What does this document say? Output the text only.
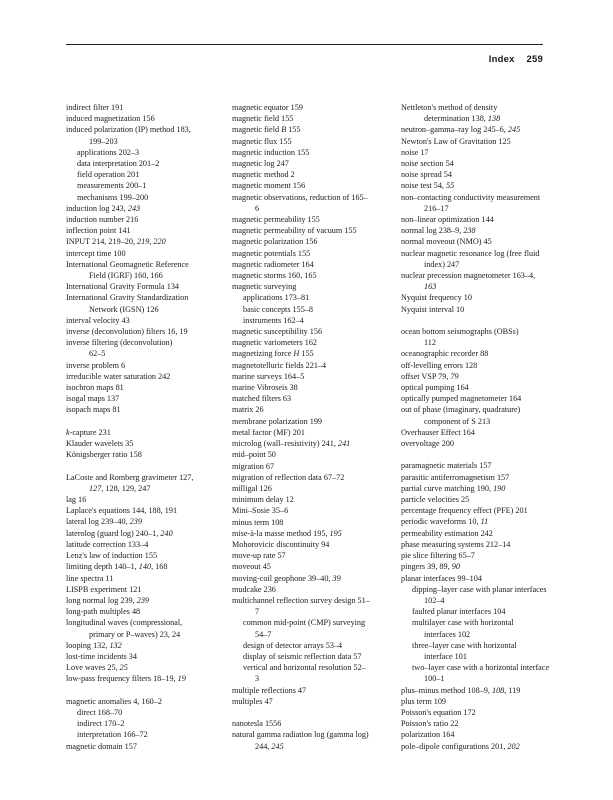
Index 259
indirect filter 191
induced magnetization 156
induced polarization (IP) method 183,
199–203
applications 202–3
data interpretation 201–2
field operation 201
measurements 200–1
mechanisms 199–200
induction log 243, 243
induction number 216
inflection point 141
INPUT 214, 219–20, 219, 220
intercept time 100
International Geomagnetic Reference
Field (IGRF) 160, 166
International Gravity Formula 134
International Gravity Standardization
Network (IGSN) 126
interval velocity 43
inverse (deconvolution) filters 16, 19
inverse filtering (deconvolution)
62–5
inverse problem 6
irreducible water saturation 242
isochron maps 81
isogal maps 137
isopach maps 81
k-capture 231
Klauder wavelets 35
Königsberger ratio 158
LaCoste and Romberg gravimeter 127,
127, 128, 129, 247
lag 16
Laplace's equations 144, 188, 191
lateral log 239–40, 239
laterolog (guard log) 240–1, 240
latitude correction 133–4
Lenz's law of induction 155
limiting depth 140–1, 140, 168
line spectra 11
LISPB experiment 121
long normal log 239, 239
long-path multiples 48
longitudinal waves (compressional,
primary or P–waves) 23, 24
looping 132, 132
lost-time incidents 34
Love waves 25, 25
low-pass frequency filters 18–19, 19
magnetic anomalies 4, 160–2
direct 168–70
indirect 170–2
interpretation 166–72
magnetic domain 157
magnetic equator 159
magnetic field 155
magnetic field B 155
magnetic flux 155
magnetic induction 155
magnetic log 247
magnetic method 2
magnetic moment 156
magnetic observations, reduction of 165–
6
magnetic permeability 155
magnetic permeability of vacuum 155
magnetic polarization 156
magnetic potentials 155
magnetic radiometer 164
magnetic storms 160, 165
magnetic surveying
applications 173–81
basic concepts 155–8
instruments 162–4
magnetic susceptibility 156
magnetic variometers 162
magnetizing force H 155
magnetotelluric fields 221–4
marine surveys 164–5
marine Vibroseis 38
matched filters 63
matrix 26
membrane polarization 199
metal factor (MF) 201
microlog (wall–resistivity) 241, 241
mid–point 50
migration 67
migration of reflection data 67–72
milligal 126
minimum delay 12
Mini–Sosie 35–6
minus term 108
mise-à-la masse method 195, 195
Mohorovicic discontinuity 94
move-up rate 57
moveout 45
moving-coil geophone 39–40, 39
mudcake 236
multichannel reflection survey design 51–
7
common mid-point (CMP) surveying
54–7
design of detector arrays 53–4
display of seismic reflection data 57
vertical and horizontal resolution 52–
3
multiple reflections 47
multiples 47
nanotesla 1556
natural gamma radiation log (gamma log)
244, 245
Nettleton's method of density
determination 138, 138
neutron–gamma–ray log 245–6, 245
Newton's Law of Gravitation 125
noise 17
noise section 54
noise spread 54
noise test 54, 55
non–contacting conductivity measurement
216–17
non–linear optimization 144
normal log 238–9, 238
normal moveout (NMO) 45
nuclear magnetic resonance log (free fluid
index) 247
nuclear precession magnetometer 163–4,
163
Nyquist frequency 10
Nyquist interval 10
ocean bottom seismographs (OBSs)
112
oceanographic recorder 88
off-levelling errors 128
offset VSP 79, 79
optical pumping 164
optically pumped magnetometer 164
out of phase (imaginary, quadrature)
component of S 213
Overhauser Effect 164
overvoltage 200
paramagnetic materials 157
parasitic antiferromagnetism 157
partial curve matching 190, 190
particle velocities 25
percentage frequency effect (PFE) 201
periodic waveforms 10, 11
permeability estimation 242
phase measuring systems 212–14
pie slice filtering 65–7
pingers 39, 89, 90
planar interfaces 99–104
dipping–layer case with planar interfaces
102–4
faulted planar interfaces 104
multilayer case with horizontal
interfaces 102
three–layer case with horizontal
interface 101
two–layer case with a horizontal interface
100–1
plus–minus method 108–9, 108, 119
plus term 109
Poisson's equation 172
Poisson's ratio 22
polarization 164
pole–dipole configurations 201, 202
